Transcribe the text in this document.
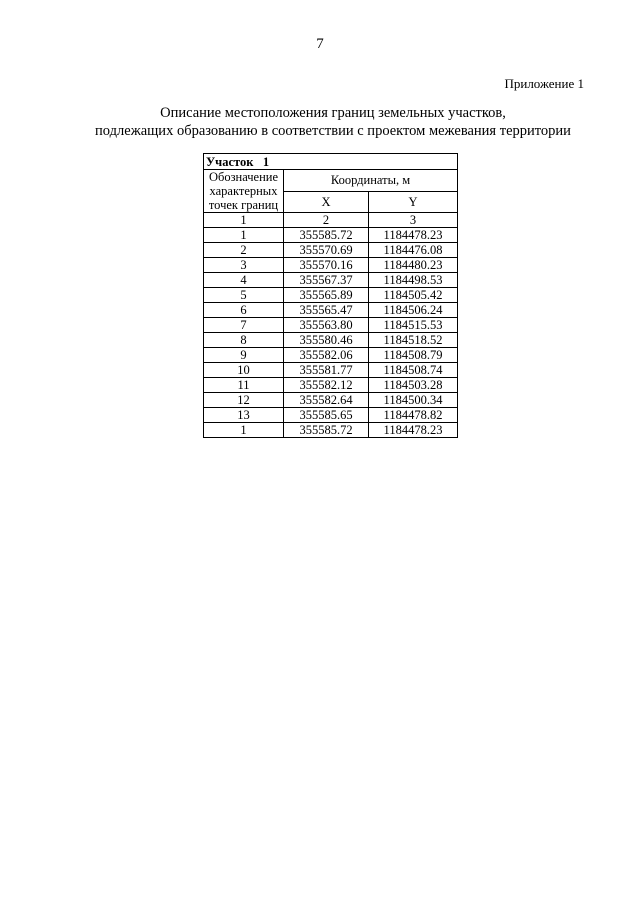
7
Приложение 1
Описание местоположения границ земельных участков,
подлежащих образованию в соответствии с проектом межевания территории
Участок   1		
Обозначение характерных точек границ	Координаты, м	
	X	Y
1	2	3
1	355585.72	1184478.23
2	355570.69	1184476.08
3	355570.16	1184480.23
4	355567.37	1184498.53
5	355565.89	1184505.42
6	355565.47	1184506.24
7	355563.80	1184515.53
8	355580.46	1184518.52
9	355582.06	1184508.79
10	355581.77	1184508.74
11	355582.12	1184503.28
12	355582.64	1184500.34
13	355585.65	1184478.82
1	355585.72	1184478.23
